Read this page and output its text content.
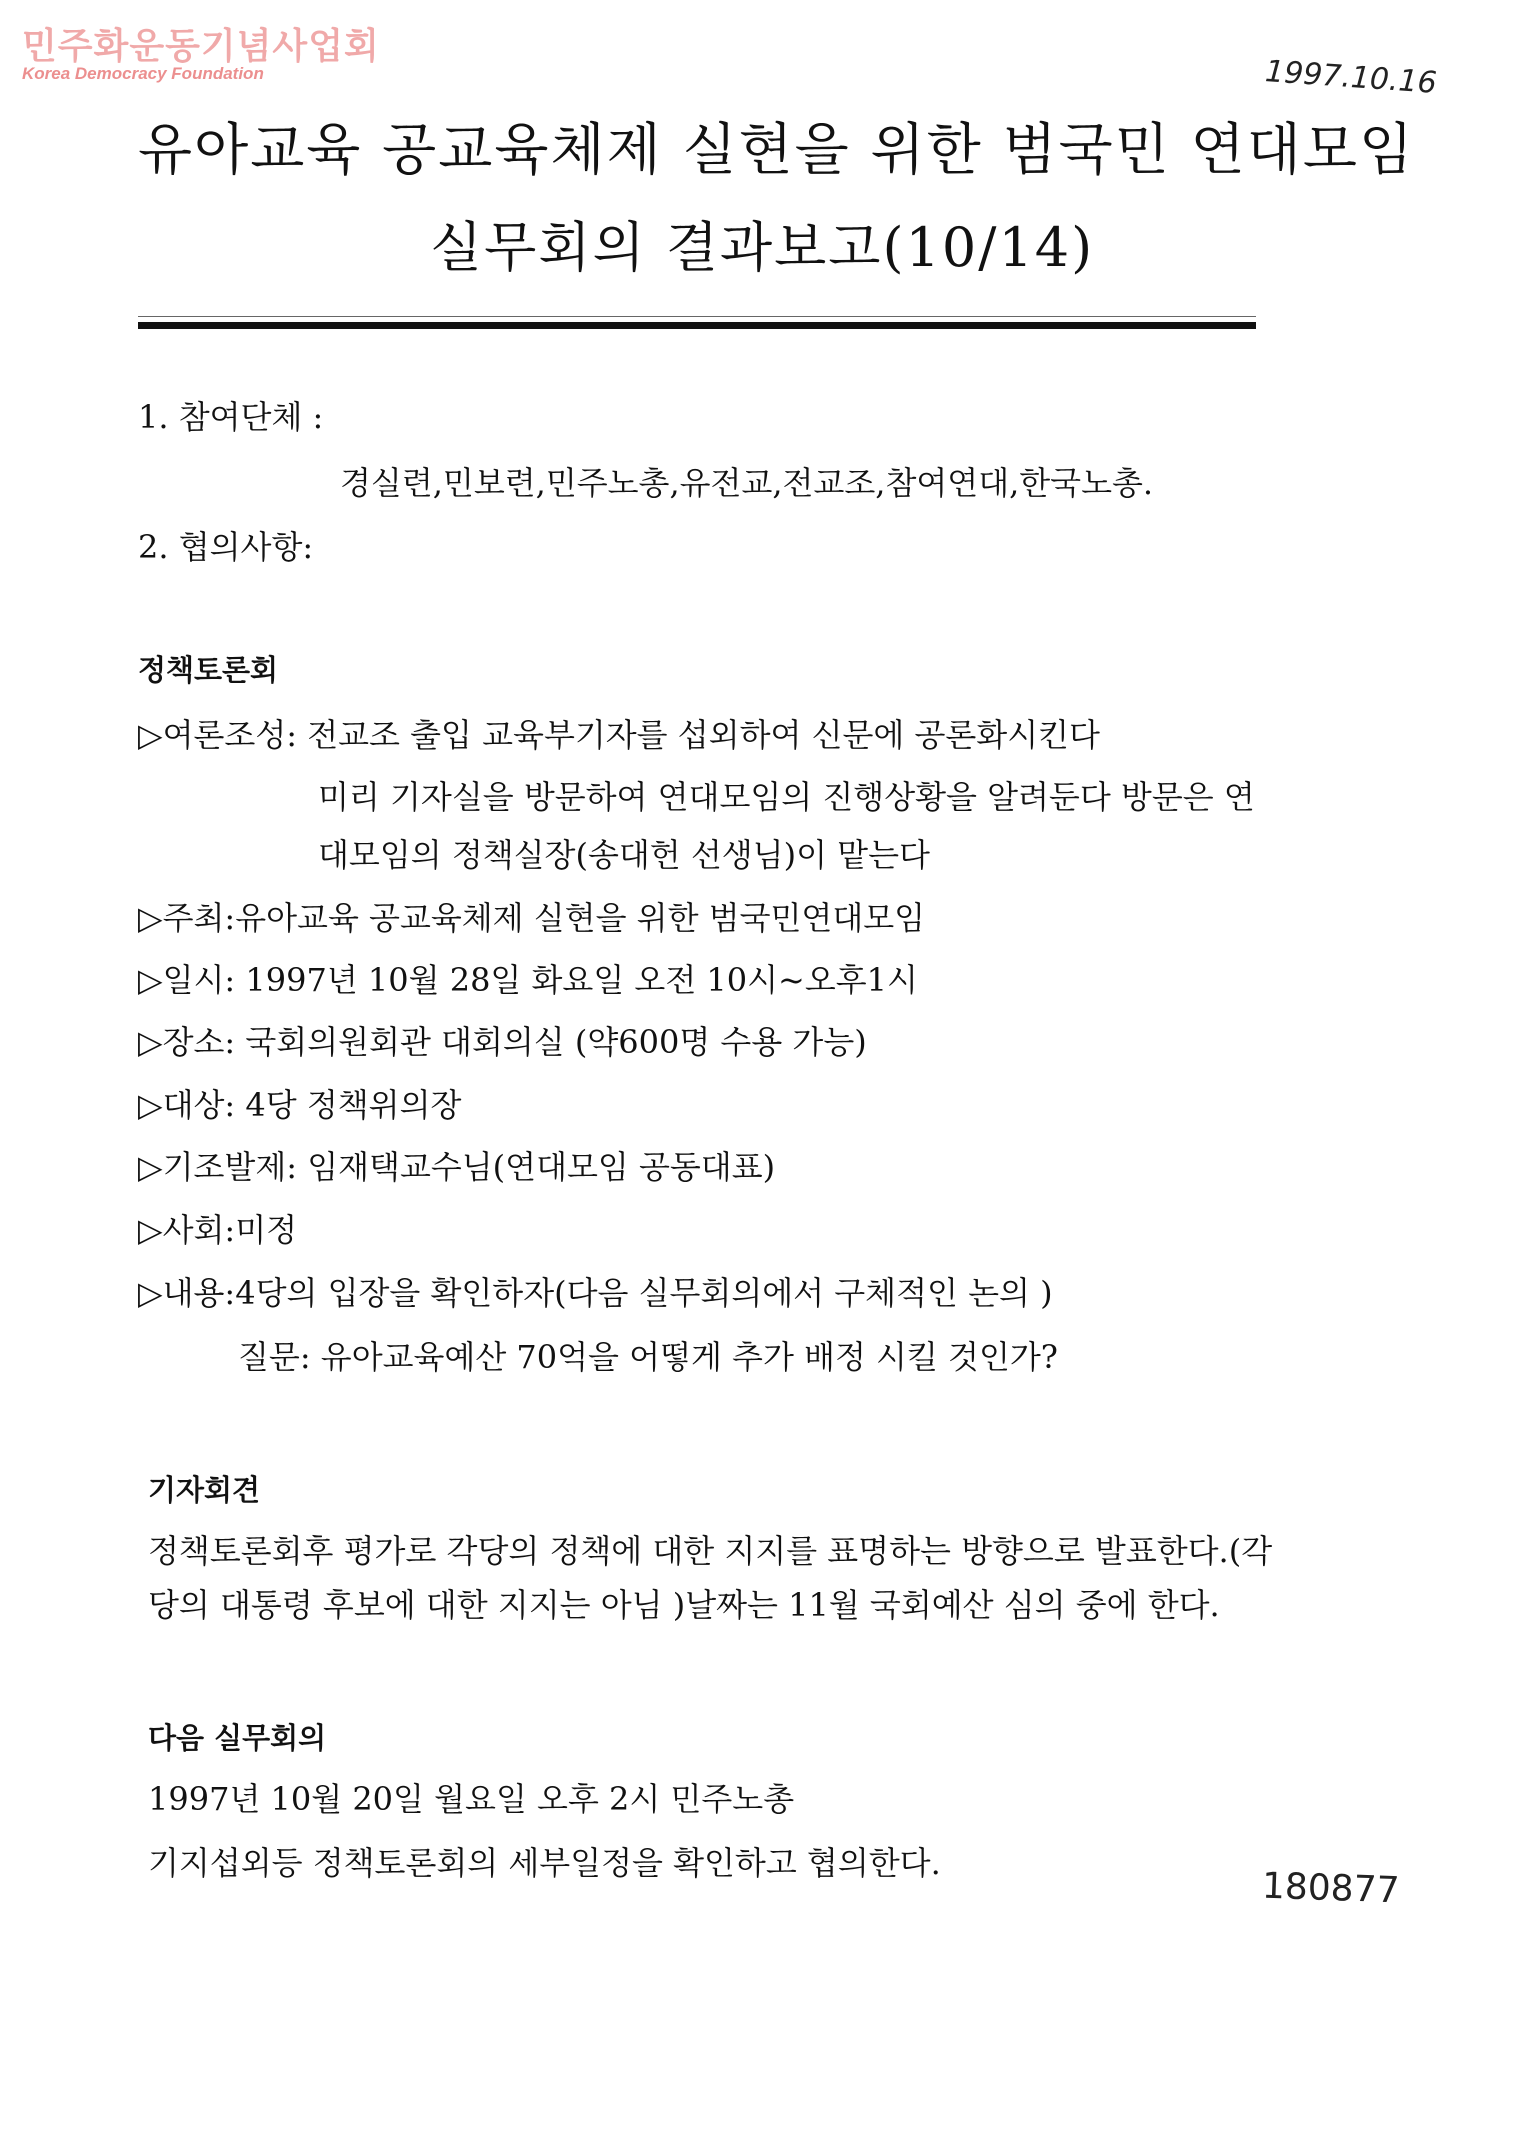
민주화운동기념사업회
Korea Democracy Foundation	1997.10.16
유아교육 공교육체제 실현을 위한 범국민 연대모임
실무회의 결과보고(10/14)
1. 참여단체 :
경실련,민보련,민주노총,유전교,전교조,참여연대,한국노총.
2. 협의사항:
정책토론회
▷여론조성: 전교조 출입 교육부기자를 섭외하여 신문에 공론화시킨다
미리 기자실을 방문하여 연대모임의 진행상황을 알려둔다 방문은 연
대모임의 정책실장(송대헌 선생님)이 맡는다
▷주최:유아교육 공교육체제 실현을 위한 범국민연대모임
▷일시: 1997년 10월 28일 화요일 오전 10시~오후1시
▷장소: 국회의원회관 대회의실 (약600명 수용 가능)
▷대상: 4당 정책위의장
▷기조발제: 임재택교수님(연대모임 공동대표)
▷사회:미정
▷내용:4당의 입장을 확인하자(다음 실무회의에서 구체적인 논의 )
질문: 유아교육예산 70억을 어떻게 추가 배정 시킬 것인가?
기자회견
정책토론회후 평가로 각당의 정책에 대한 지지를 표명하는 방향으로 발표한다.(각
당의 대통령 후보에 대한 지지는 아님 )날짜는 11월 국회예산 심의 중에 한다.
다음 실무회의
1997년 10월 20일 월요일 오후 2시 민주노총
기지섭외등 정책토론회의 세부일정을 확인하고 협의한다.
180877
